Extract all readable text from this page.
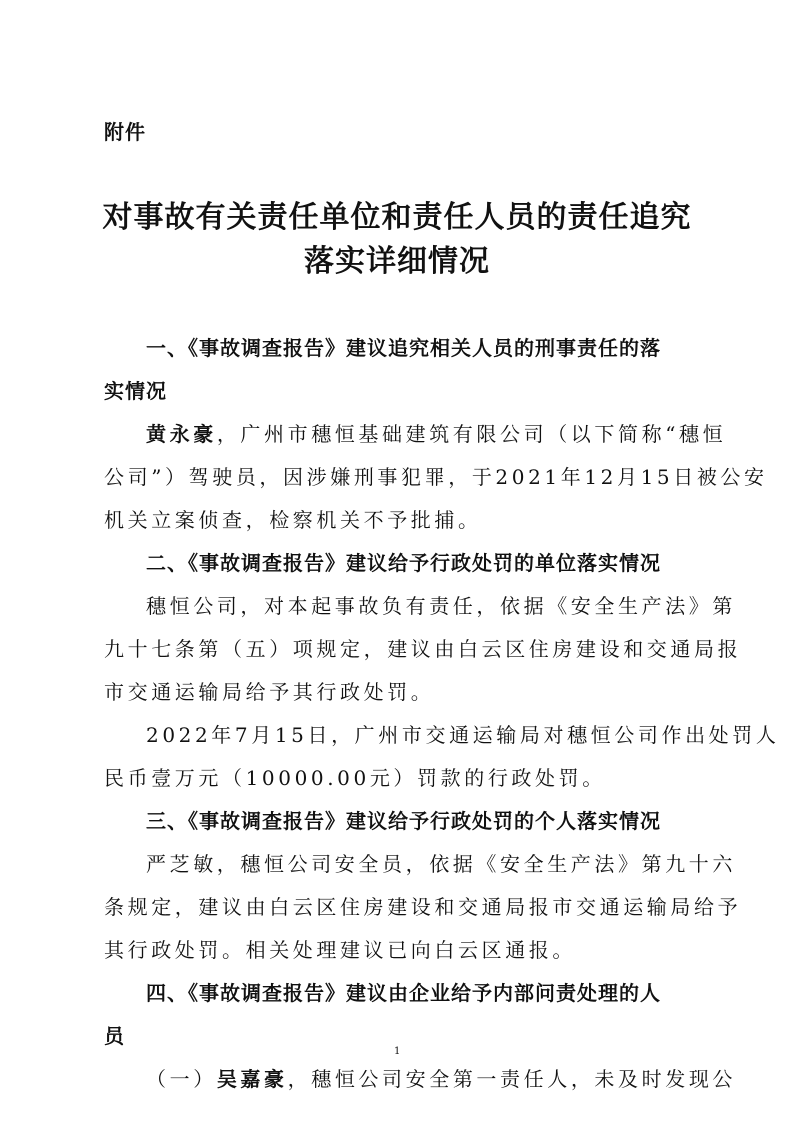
附件
对事故有关责任单位和责任人员的责任追究
落实详细情况
一、《事故调查报告》建议追究相关人员的刑事责任的落
实情况
黄永豪，广州市穗恒基础建筑有限公司（以下简称“穗恒
公司”）驾驶员，因涉嫌刑事犯罪，于2021年12月15日被公安
机关立案侦查，检察机关不予批捕。
二、《事故调查报告》建议给予行政处罚的单位落实情况
穗恒公司，对本起事故负有责任，依据《安全生产法》第
九十七条第（五）项规定，建议由白云区住房建设和交通局报
市交通运输局给予其行政处罚。
2022年7月15日，广州市交通运输局对穗恒公司作出处罚人
民币壹万元（10000.00元）罚款的行政处罚。
三、《事故调查报告》建议给予行政处罚的个人落实情况
严芝敏，穗恒公司安全员，依据《安全生产法》第九十六
条规定，建议由白云区住房建设和交通局报市交通运输局给予
其行政处罚。相关处理建议已向白云区通报。
四、《事故调查报告》建议由企业给予内部问责处理的人
员
（一）吴嘉豪，穗恒公司安全第一责任人，未及时发现公
1
